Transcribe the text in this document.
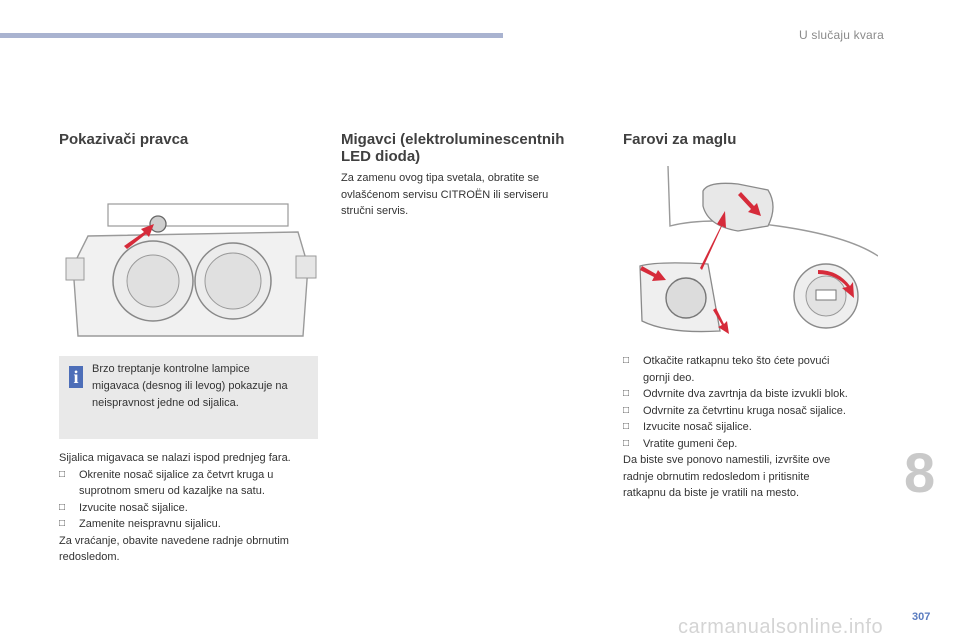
U slučaju kvara
Pokazivači pravca
i	Brzo treptanje kontrolne lampice
migavaca (desnog ili levog) pokazuje na
neispravnost jedne od sijalica.
Sijalica migavaca se nalazi ispod prednjeg fara.
□ Okrenite nosač sijalice za četvrt kruga u
suprotnom smeru od kazaljke na satu.
□ Izvucite nosač sijalice.
□ Zamenite neispravnu sijalicu.
Za vraćanje, obavite navedene radnje obrnutim
redosledom.
Migavci (elektroluminescentnih
LED dioda)
Za zamenu ovog tipa svetala, obratite se
ovlašćenom servisu CITROËN ili serviseru
stručni servis.
Farovi za maglu
□ Otkačite ratkapnu teko što ćete povući
gornji deo.
□ Odvrnite dva zavrtnja da biste izvukli blok.
□ Odvrnite za četvrtinu kruga nosač sijalice.
□ Izvucite nosač sijalice.
□ Vratite gumeni čep.
Da biste sve ponovo namestili, izvršite ove
radnje obrnutim redosledom i pritisnite
ratkapnu da biste je vratili na mesto.	8
carmanualsonline.info	307
